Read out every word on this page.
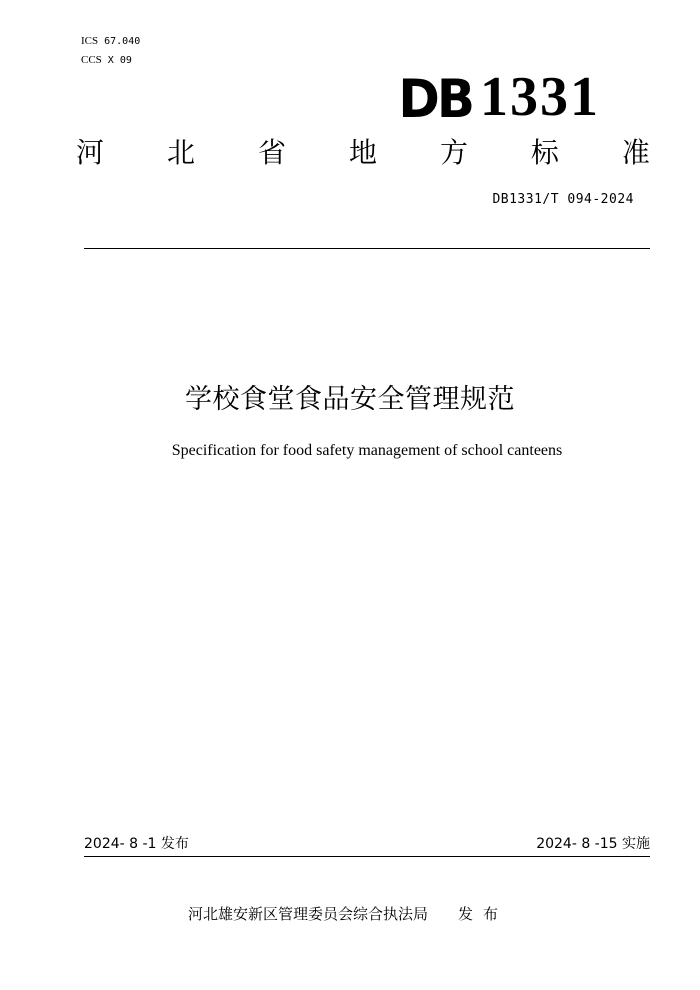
ICS 67.040
CCS X 09
DB 1331
河 北 省 地 方 标 准
DB1331/T 094-2024
学校食堂食品安全管理规范
Specification for food safety management of school canteens
2024- 8 -1 发布	2024- 8 -15 实施
河北雄安新区管理委员会综合执法局 发布
